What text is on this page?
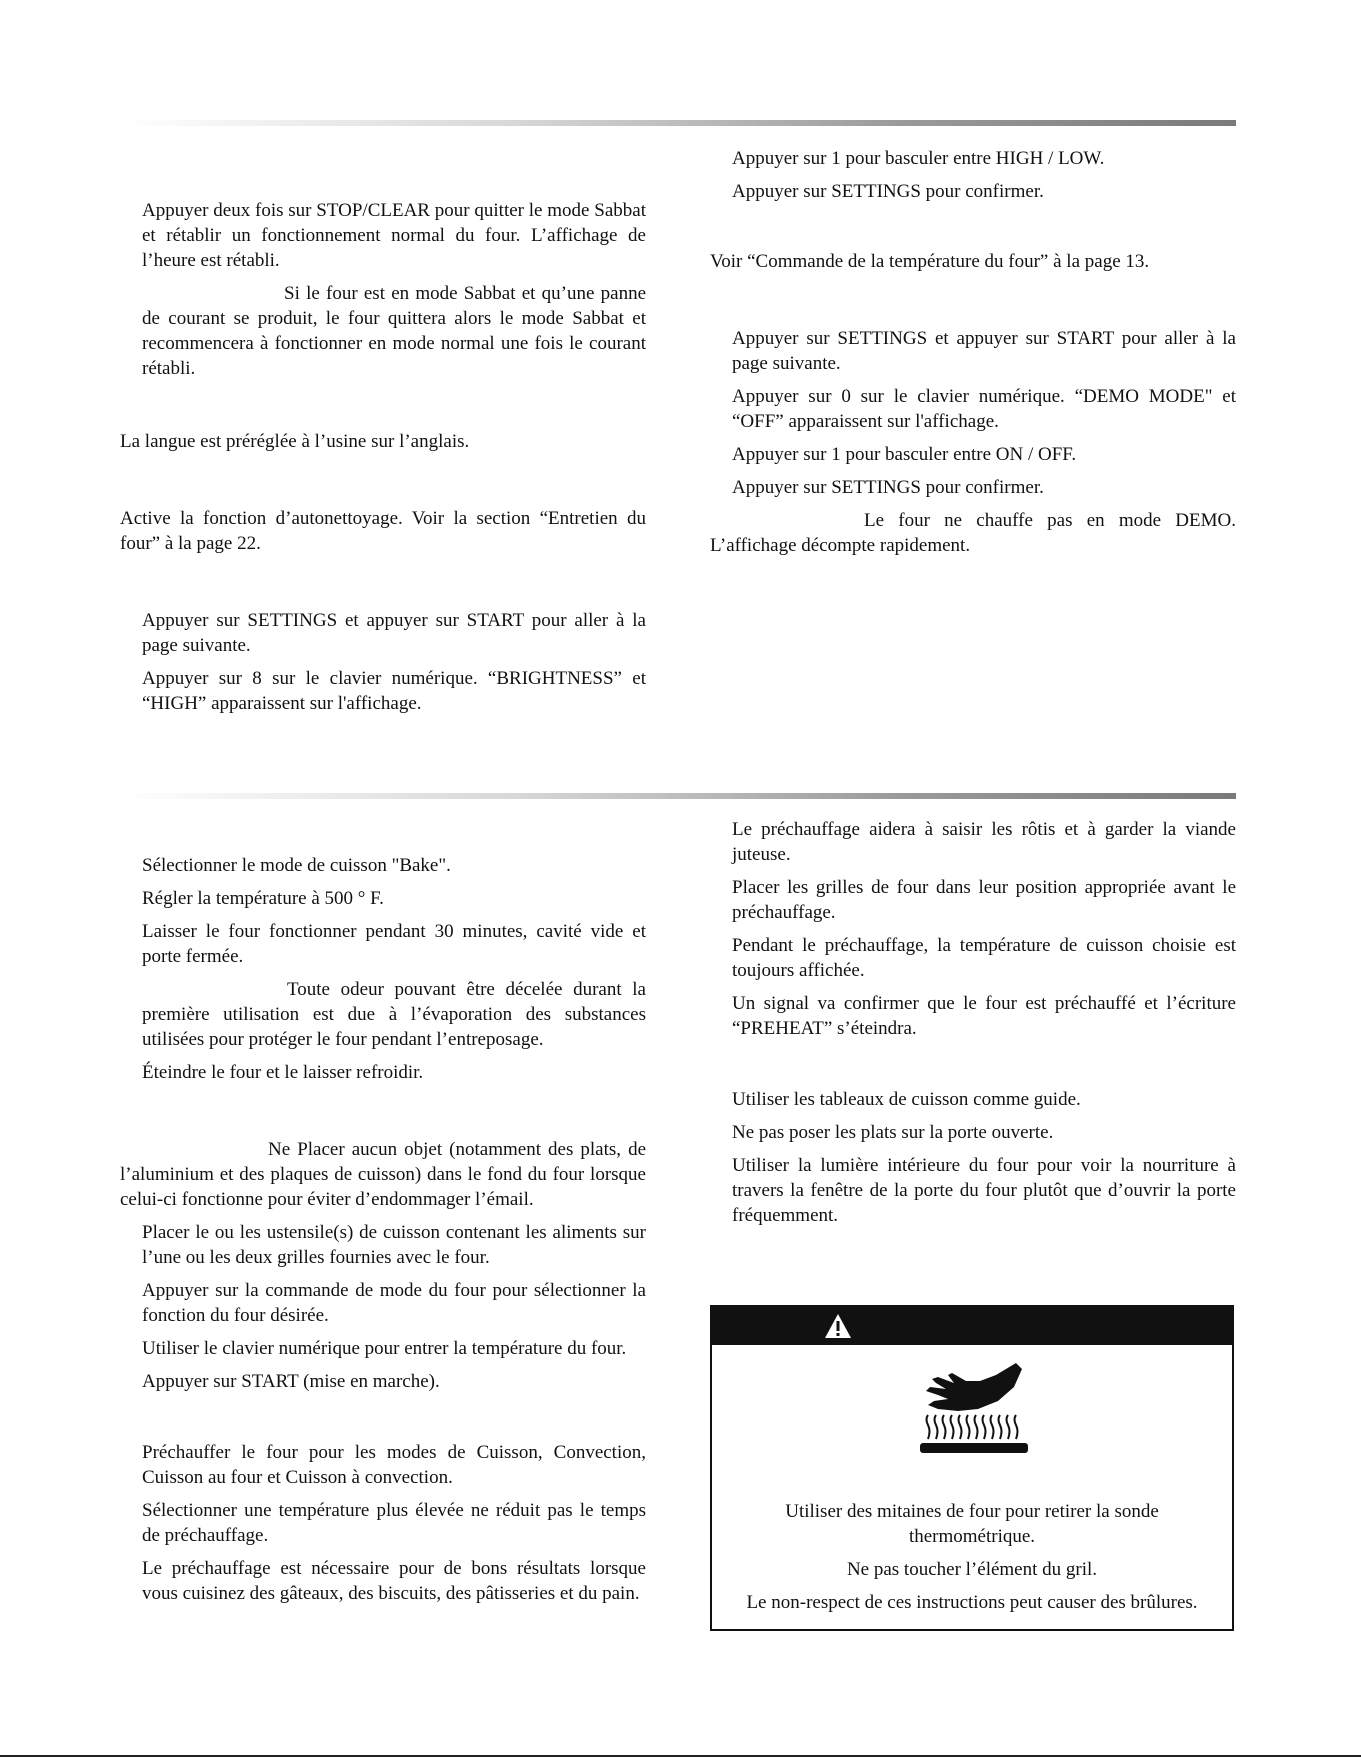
Appuyer deux fois sur STOP/CLEAR pour quitter le mode Sabbat et rétablir un fonctionnement normal du four. L’affichage de l’heure est rétabli.

Si le four est en mode Sabbat et qu’une panne de courant se produit, le four quittera alors le mode Sabbat et recommencera à fonctionner en mode normal une fois le courant rétabli.

La langue est préréglée à l’usine sur l’anglais.

Active la fonction d’autonettoyage. Voir la section “Entretien du four” à la page 22.

Appuyer sur SETTINGS et appuyer sur START pour aller à la page suivante.

Appuyer sur 8 sur le clavier numérique. “BRIGHTNESS” et “HIGH” apparaissent sur l'affichage.

Appuyer sur 1 pour basculer entre HIGH / LOW.

Appuyer sur SETTINGS pour confirmer.

Voir “Commande de la température du four” à la page 13.

Appuyer sur SETTINGS et appuyer sur START pour aller à la page suivante.

Appuyer sur 0 sur le clavier numérique. “DEMO MODE" et “OFF” apparaissent sur l'affichage.

Appuyer sur 1 pour basculer entre ON / OFF.

Appuyer sur SETTINGS pour confirmer.

Le four ne chauffe pas en mode DEMO. L’affichage décompte rapidement.

Sélectionner le mode de cuisson "Bake".

Régler la température à 500 ° F.

Laisser le four fonctionner pendant 30 minutes, cavité vide et porte fermée.

Toute odeur pouvant être décelée durant la première utilisation est due à l’évaporation des substances utilisées pour protéger le four pendant l’entreposage.

Éteindre le four et le laisser refroidir.

Ne Placer aucun objet (notamment des plats, de l’aluminium et des plaques de cuisson) dans le fond du four lorsque celui-ci fonctionne pour éviter d’endommager l’émail.

Placer le ou les ustensile(s) de cuisson contenant les aliments sur l’une ou les deux grilles fournies avec le four.

Appuyer sur la commande de mode du four pour sélectionner la fonction du four désirée.

Utiliser le clavier numérique pour entrer la température du four.

Appuyer sur START (mise en marche).

Préchauffer le four pour les modes de Cuisson, Convection, Cuisson au four et Cuisson à convection.

Sélectionner une température plus élevée ne réduit pas le temps de préchauffage.

Le préchauffage est nécessaire pour de bons résultats lorsque vous cuisinez des gâteaux, des biscuits, des pâtisseries et du pain.

Le préchauffage aidera à saisir les rôtis et à garder la viande juteuse.

Placer les grilles de four dans leur position appropriée avant le préchauffage.

Pendant le préchauffage, la température de cuisson choisie est toujours affichée.

Un signal va confirmer que le four est préchauffé et l’écriture “PREHEAT” s’éteindra.

Utiliser les tableaux de cuisson comme guide.

Ne pas poser les plats sur la porte ouverte.

Utiliser la lumière intérieure du four pour voir la nourriture à travers la fenêtre de la porte du four plutôt que d’ouvrir la porte fréquemment.

Utiliser des mitaines de four pour retirer la sonde thermométrique.
Ne pas toucher l’élément du gril.
Le non-respect de ces instructions peut causer des brûlures.
